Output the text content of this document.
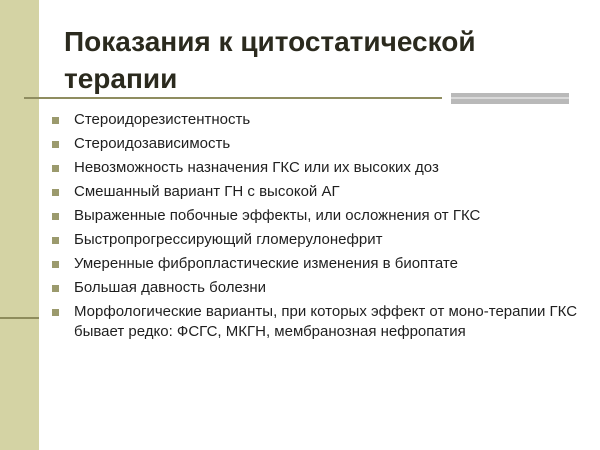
Показания к цитостатической терапии
Стероидорезистентность
Стероидозависимость
Невозможность назначения ГКС или их высоких доз
Смешанный вариант ГН с высокой АГ
Выраженные побочные эффекты, или осложнения от ГКС
Быстропрогрессирующий гломерулонефрит
Умеренные фибропластические изменения в биоптате
Большая давность болезни
Морфологические варианты, при которых эффект от моно-терапии ГКС бывает редко: ФСГС, МКГН, мембранозная нефропатия
